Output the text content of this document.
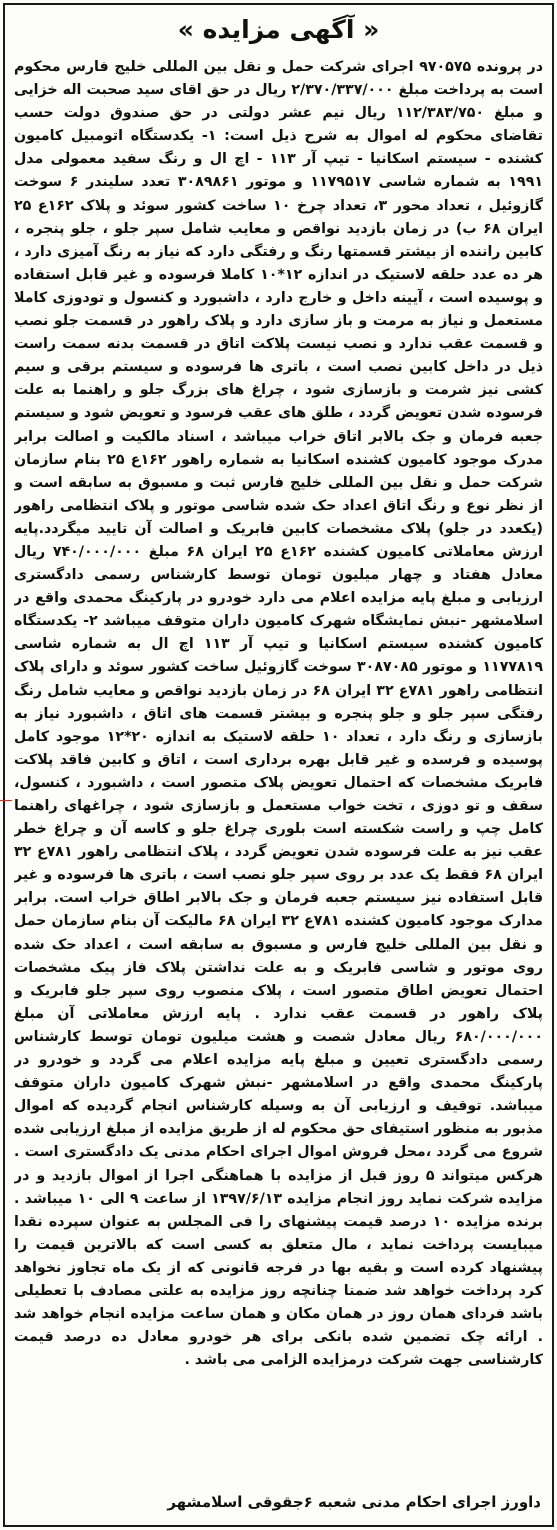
« آگهی مزایده »

در پرونده ۹۷۰۵۷۵ اجرای شرکت حمل و نقل بین المللی خلیج فارس محکوم است به پرداخت مبلغ ۲/۳۷۰/۳۳۷/۰۰۰ ریال در حق اقای سید صحبت اله خزایی و مبلغ ۱۱۲/۳۸۳/۷۵۰ ریال نیم عشر دولتی در حق صندوق دولت حسب تقاضای محکوم له اموال به شرح ذیل است: ۱- یکدستگاه اتومبیل کامیون کشنده - سیستم اسکانیا - تیپ آر ۱۱۳ - اچ ال و رنگ سفید معمولی مدل ۱۹۹۱ به شماره شاسی ۱۱۷۹۵۱۷ و موتور ۳۰۸۹۸۶۱ تعدد سلیندر ۶ سوخت گازوئیل ، تعداد محور ۳، تعداد چرخ ۱۰ ساخت کشور سوئد و پلاک ۱۶۲ع ۲۵ ایران ۶۸ ب) در زمان بازدید نواقص و معایب شامل سپر جلو ، جلو پنجره ، کابین راننده از بیشتر قسمتها رنگ و رفتگی دارد که نیاز به رنگ آمیزی دارد ، هر ده عدد حلقه لاستیک در اندازه ۱۲*۱۰ کاملا فرسوده و غیر قابل استفاده و پوسیده است ، آیینه داخل و خارج دارد ، داشبورد و کنسول و تودوزی کاملا مستعمل و نیاز به مرمت و باز سازی دارد و پلاک راهور در قسمت جلو نصب و قسمت عقب ندارد و نصب نیست پلاکت اتاق در قسمت بدنه سمت راست ذیل در داخل کابین نصب است ، باتری ها فرسوده و سیستم برقی و سیم کشی نیز شرمت و بازسازی شود ، چراغ های بزرگ جلو و راهنما به علت فرسوده شدن تعویض گردد ، طلق های عقب فرسود و تعویض شود و سیستم جعبه فرمان و جک بالابر اتاق خراب میباشد ، اسناد مالکیت و اصالت برابر مدرک موجود کامیون کشنده اسکانیا به شماره راهور ۱۶۲ع ۲۵ بنام سازمان شرکت حمل و نقل بین المللی خلیج فارس ثبت و مسبوق به سابقه است و از نظر نوع و رنگ اتاق اعداد حک شده شاسی موتور و پلاک انتظامی راهور (یکعدد در جلو) پلاک مشخصات کابین فابریک و اصالت آن تایید میگردد.پایه ارزش معاملاتی کامیون کشنده ۱۶۲ع ۲۵ ایران ۶۸ مبلغ ۷۴۰/۰۰۰/۰۰۰ ریال معادل هفتاد و چهار میلیون تومان توسط کارشناس رسمی دادگستری ارزیابی و مبلغ پایه مزایده اعلام می دارد خودرو در پارکینگ محمدی واقع در اسلامشهر -نبش نمایشگاه شهرک کامیون داران متوقف میباشد ۲- یکدستگاه کامیون کشنده سیستم اسکانیا و تیپ آر ۱۱۳ اچ ال به شماره شاسی ۱۱۷۷۸۱۹ و موتور ۳۰۸۷۰۸۵ سوخت گازوئیل ساخت کشور سوئد و دارای پلاک انتظامی راهور ۷۸۱ع ۳۲ ایران ۶۸ در زمان بازدید نواقص و معایب شامل رنگ رفتگی سپر جلو و جلو پنجره و بیشتر قسمت های اتاق ، داشبورد نیاز به بازسازی و رنگ دارد ، تعداد ۱۰ حلقه لاستیک به اندازه ۲۰*۱۲ موجود کامل پوسیده و فرسده و غیر قابل بهره برداری است ، اتاق و کابین فاقد پلاکت فابریک مشخصات که احتمال تعویض پلاک متصور است ، داشبورد ، کنسول، سقف و تو دوزی ، تخت خواب مستعمل و بازسازی شود ، چراغهای راهنما کامل چپ و راست شکسته است بلوری چراغ جلو و کاسه آن و چراغ خطر عقب نیز به علت فرسوده شدن تعویض گردد ، پلاک انتظامی راهور ۷۸۱ع ۳۲ ایران ۶۸ فقط یک عدد بر روی سپر جلو نصب است ، باتری ها فرسوده و غیر قابل استفاده نیز سیستم جعبه فرمان و جک بالابر اطاق خراب است. برابر مدارک موجود کامیون کشنده ۷۸۱ع ۳۲ ایران ۶۸ مالیکت آن بنام سازمان حمل و نقل بین المللی خلیج فارس و مسبوق به سابقه است ، اعداد حک شده روی موتور و شاسی فابریک و به علت نداشتن پلاک فاز پیک مشخصات احتمال تعویض اطاق متصور است ، پلاک منصوب روی سپر جلو فابریک و پلاک راهور در قسمت عقب ندارد . پایه ارزش معاملاتی آن مبلغ ۶۸۰/۰۰۰/۰۰۰ ریال معادل شصت و هشت میلیون تومان توسط کارشناس رسمی دادگستری تعیین و مبلغ پایه مزایده اعلام می گردد و خودرو در پارکینگ محمدی واقع در اسلامشهر -نبش شهرک کامیون داران متوقف میباشد. توقیف و ارزیابی آن به وسیله کارشناس انجام گردیده که اموال مذبور به منظور استیفای حق محکوم له از طریق مزایده از مبلغ ارزیابی شده شروع می گردد ،محل فروش اموال اجرای احکام مدنی یک دادگستری است . هرکس میتواند ۵ روز قبل از مزایده با هماهنگی اجرا از اموال بازدید و در مزایده شرکت نماید روز انجام مزایده ۱۳۹۷/۶/۱۳ از ساعت ۹ الی ۱۰ میباشد . برنده مزایده ۱۰ درصد قیمت پیشنهای را فی المجلس به عنوان سپرده نقدا میبایست پرداخت نماید ، مال متعلق به کسی است که بالاترین قیمت را پیشنهاد کرده است و بقیه بها در فرجه قانونی که از یک ماه تجاوز نخواهد کرد پرداخت خواهد شد ضمنا چنانچه روز مزایده به علتی مصادف با تعطیلی باشد فردای همان روز در همان مکان و همان ساعت مزایده انجام خواهد شد . ارائه چک تضمین شده بانکی برای هر خودرو معادل ده درصد قیمت کارشناسی جهت شرکت درمزایده الزامی می باشد .

داورز اجرای احکام مدنی شعبه ۶جقوقی اسلامشهر
